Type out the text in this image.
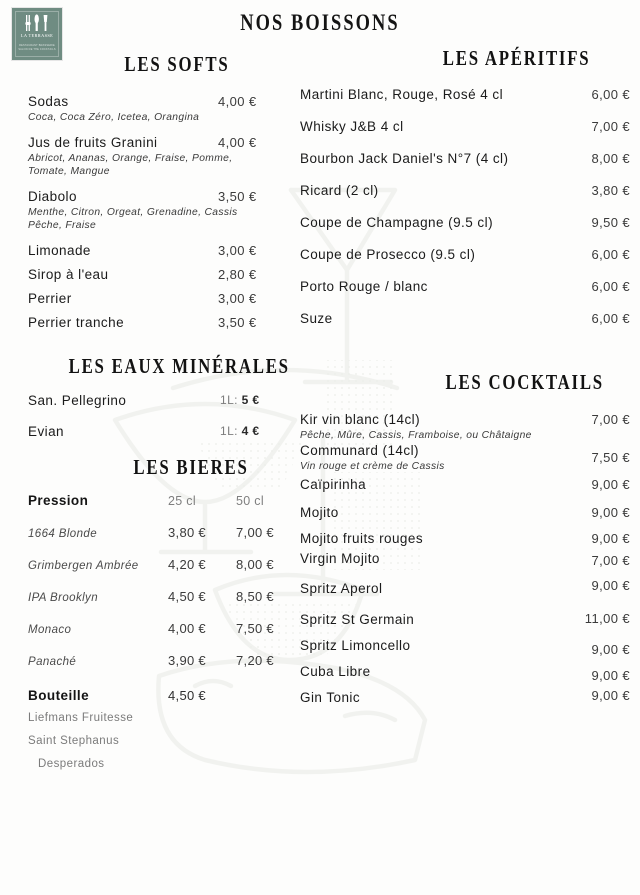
LA TERRASSE
RESTAURANT BRASSERIE
SALON DE THE COCKTAILS
NOS BOISSONS
LES SOFTS
Sodas	4,00 €
Coca, Coca Zéro, Icetea, Orangina
Jus de fruits Granini	4,00 €
Abricot, Ananas, Orange, Fraise, Pomme,
Tomate, Mangue
Diabolo	3,50 €
Menthe, Citron, Orgeat, Grenadine, Cassis
Pêche, Fraise
Limonade	3,00 €
Sirop à l'eau	2,80 €
Perrier	3,00 €
Perrier tranche	3,50 €
LES EAUX MINÉRALES
San. Pellegrino	1L: 5 €
Evian	1L: 4 €
LES BIERES
Pression	25 cl	50 cl
1664 Blonde	3,80 €	7,00 €
Grimbergen Ambrée	4,20 €	8,00 €
IPA Brooklyn	4,50 €	8,50 €
Monaco	4,00 €	7,50 €
Panaché	3,90 €	7,20 €
Bouteille	4,50 €
Liefmans Fruitesse
Saint Stephanus
Desperados
LES APÉRITIFS
Martini Blanc, Rouge, Rosé 4 cl	6,00 €
Whisky J&B 4 cl	7,00 €
Bourbon Jack Daniel's N°7 (4 cl)	8,00 €
Ricard (2 cl)	3,80 €
Coupe de Champagne (9.5 cl)	9,50 €
Coupe de Prosecco (9.5 cl)	6,00 €
Porto Rouge / blanc	6,00 €
Suze	6,00 €
LES COCKTAILS
Kir vin blanc (14cl)	7,00 €
Pêche, Mûre, Cassis, Framboise, ou Châtaigne
Communard (14cl)	7,50 €
Vin rouge et crème de Cassis
Caïpirinha	9,00 €
Mojito	9,00 €
Mojito fruits rouges	9,00 €
Virgin Mojito	7,00 €
Spritz Aperol	9,00 €
Spritz St Germain	11,00 €
Spritz Limoncello	9,00 €
Cuba Libre	9,00 €
Gin Tonic	9,00 €
